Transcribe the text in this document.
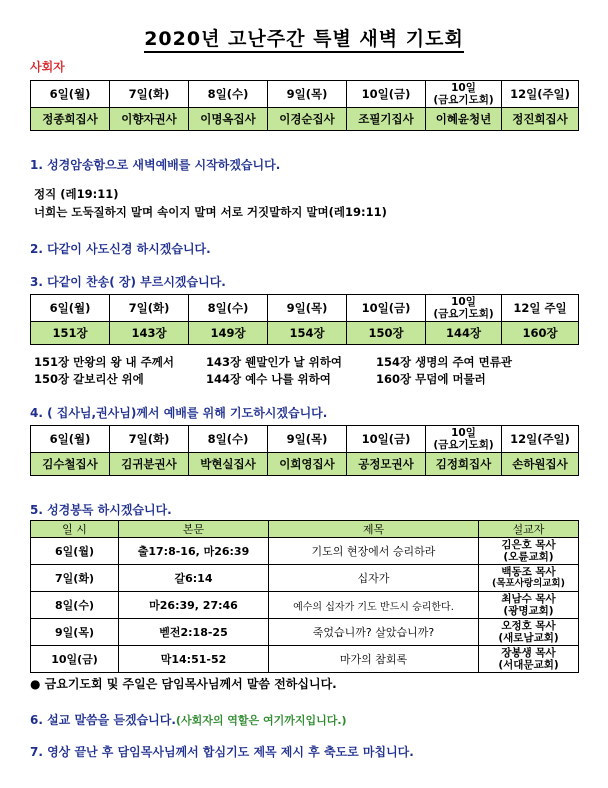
2020년 고난주간 특별 새벽 기도회
사회자
6일(월)	7일(화)	8일(수)	9일(목)	10일(금)	10일
(금요기도회)	12일(주일)
정종희집사	이향자권사	이명옥집사	이경순집사	조필기집사	이혜윤청년	정진희집사
1. 성경암송함으로 새벽예배를 시작하겠습니다.
정직 (레19:11)
너희는 도둑질하지 말며 속이지 말며 서로 거짓말하지 말며(레19:11)
2. 다같이 사도신경 하시겠습니다.
3. 다같이 찬송( 장) 부르시겠습니다.
6일(월)	7일(화)	8일(수)	9일(목)	10일(금)	10일
(금요기도회)	12일 주일
151장	143장	149장	154장	150장	144장	160장
151장 만왕의 왕 내 주께서	143장 웬말인가 날 위하여	154장 생명의 주여 면류관
150장 갈보리산 위에	144장 예수 나를 위하여	160장 무덤에 머물러
4. ( 집사님,권사님)께서 예배를 위해 기도하시겠습니다.
6일(월)	7일(화)	8일(수)	9일(목)	10일(금)	10일
(금요기도회)	12일(주일)
김수철집사	김귀분권사	박현실집사	이희영집사	공정모권사	김정희집사	손하원집사
5. 성경봉독 하시겠습니다.
일 시	본문	제목	설교자
6일(월)	출17:8-16, 마26:39	기도의 현장에서 승리하라	김은호 목사
(오륜교회)

7일(화)	갈6:14	십자가	백동조 목사
(목포사랑의교회)

8일(수)	마26:39, 27:46	예수의 십자가 기도 반드시 승리한다.	최남수 목사
(광명교회)

9일(목)	벧전2:18-25	죽었습니까? 살았습니까?	오정호 목사
(새로남교회)

10일(금)	막14:51-52	마가의 참회록	장봉생 목사
(서대문교회)
● 금요기도회 및 주일은 담임목사님께서 말씀 전하십니다.
6. 설교 말씀을 듣겠습니다.(사회자의 역할은 여기까지입니다.)
7. 영상 끝난 후 담임목사님께서 합심기도 제목 제시 후 축도로 마칩니다.
